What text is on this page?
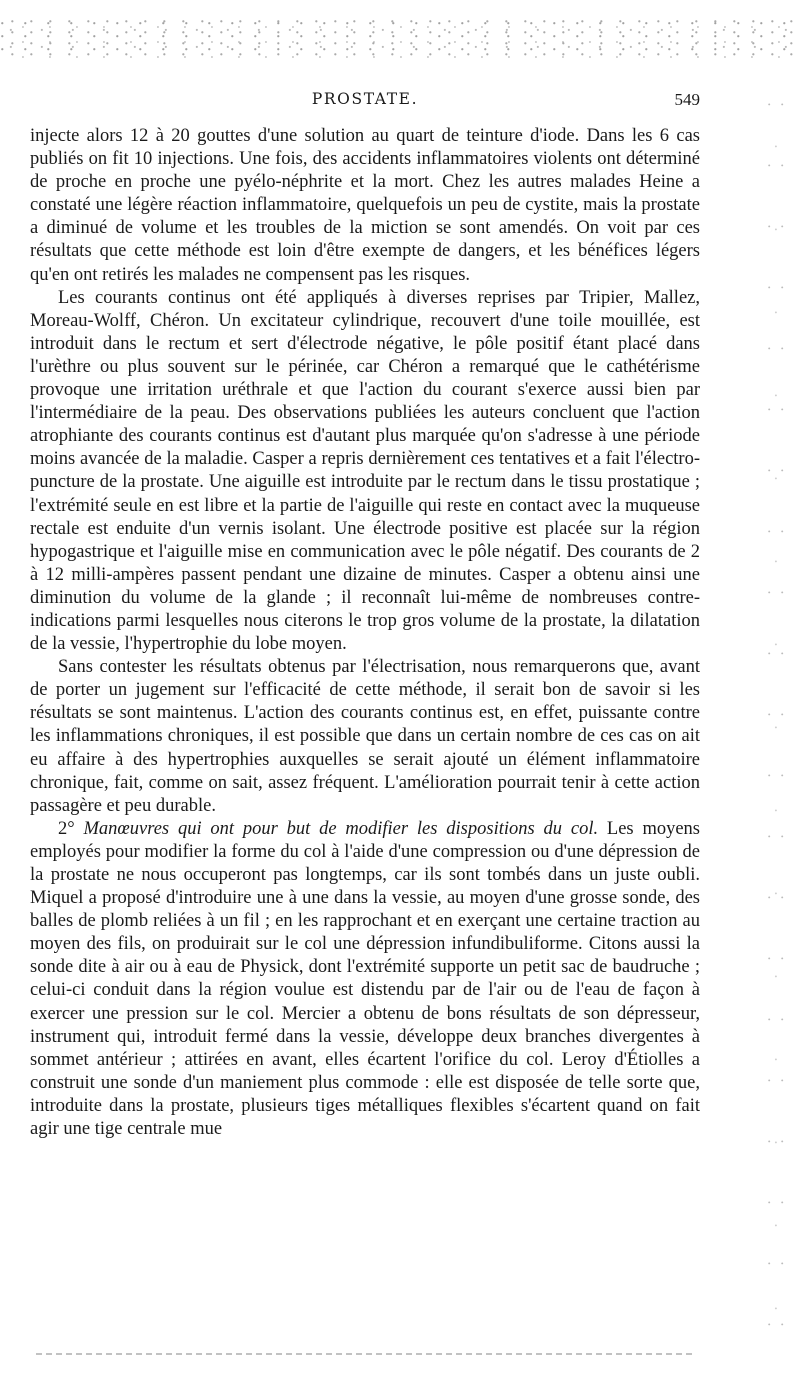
PROSTATE.	549

injecte alors 12 à 20 gouttes d'une solution au quart de teinture d'iode. Dans les 6 cas publiés on fit 10 injections. Une fois, des accidents inflammatoires violents ont déterminé de proche en proche une pyélo-néphrite et la mort. Chez les autres malades Heine a constaté une légère réaction inflammatoire, quelquefois un peu de cystite, mais la prostate a diminué de volume et les troubles de la miction se sont amendés. On voit par ces résultats que cette méthode est loin d'être exempte de dangers, et les bénéfices légers qu'en ont retirés les malades ne compensent pas les risques.

Les courants continus ont été appliqués à diverses reprises par Tripier, Mallez, Moreau-Wolff, Chéron. Un excitateur cylindrique, recouvert d'une toile mouillée, est introduit dans le rectum et sert d'électrode négative, le pôle positif étant placé dans l'urèthre ou plus souvent sur le périnée, car Chéron a remarqué que le cathétérisme provoque une irritation uréthrale et que l'action du courant s'exerce aussi bien par l'intermédiaire de la peau. Des observations publiées les auteurs concluent que l'action atrophiante des courants continus est d'autant plus marquée qu'on s'adresse à une période moins avancée de la maladie. Casper a repris dernièrement ces tentatives et a fait l'électro-puncture de la prostate. Une aiguille est introduite par le rectum dans le tissu prostatique ; l'extrémité seule en est libre et la partie de l'aiguille qui reste en contact avec la muqueuse rectale est enduite d'un vernis isolant. Une électrode positive est placée sur la région hypogastrique et l'aiguille mise en communication avec le pôle négatif. Des courants de 2 à 12 milli-ampères passent pendant une dizaine de minutes. Casper a obtenu ainsi une diminution du volume de la glande ; il reconnaît lui-même de nombreuses contre-indications parmi lesquelles nous citerons le trop gros volume de la prostate, la dilatation de la vessie, l'hypertrophie du lobe moyen.

Sans contester les résultats obtenus par l'électrisation, nous remarquerons que, avant de porter un jugement sur l'efficacité de cette méthode, il serait bon de savoir si les résultats se sont maintenus. L'action des courants continus est, en effet, puissante contre les inflammations chroniques, il est possible que dans un certain nombre de ces cas on ait eu affaire à des hypertrophies auxquelles se serait ajouté un élément inflammatoire chronique, fait, comme on sait, assez fréquent. L'amélioration pourrait tenir à cette action passagère et peu durable.

2° Manœuvres qui ont pour but de modifier les dispositions du col. Les moyens employés pour modifier la forme du col à l'aide d'une compression ou d'une dépression de la prostate ne nous occuperont pas longtemps, car ils sont tombés dans un juste oubli. Miquel a proposé d'introduire une à une dans la vessie, au moyen d'une grosse sonde, des balles de plomb reliées à un fil ; en les rapprochant et en exerçant une certaine traction au moyen des fils, on produirait sur le col une dépression infundibuliforme. Citons aussi la sonde dite à air ou à eau de Physick, dont l'extrémité supporte un petit sac de baudruche ; celui-ci conduit dans la région voulue est distendu par de l'air ou de l'eau de façon à exercer une pression sur le col. Mercier a obtenu de bons résultats de son dépresseur, instrument qui, introduit fermé dans la vessie, développe deux branches divergentes à sommet antérieur ; attirées en avant, elles écartent l'orifice du col. Leroy d'Étiolles a construit une sonde d'un maniement plus commode : elle est disposée de telle sorte que, introduite dans la prostate, plusieurs tiges métalliques flexibles s'écartent quand on fait agir une tige centrale mue
